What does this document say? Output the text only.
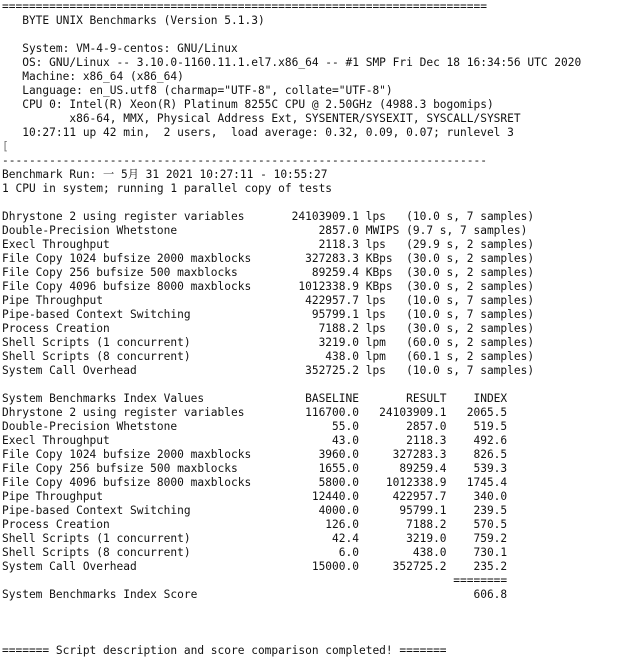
========================================================================
BYTE UNIX Benchmarks (Version 5.1.3)
System: VM-4-9-centos: GNU/Linux
OS: GNU/Linux -- 3.10.0-1160.11.1.el7.x86_64 -- #1 SMP Fri Dec 18 16:34:56 UTC 2020
Machine: x86_64 (x86_64)
Language: en_US.utf8 (charmap="UTF-8", collate="UTF-8")
CPU 0: Intel(R) Xeon(R) Platinum 8255C CPU @ 2.50GHz (4988.3 bogomips)
x86-64, MMX, Physical Address Ext, SYSENTER/SYSEXIT, SYSCALL/SYSRET
10:27:11 up 42 min,  2 users,  load average: 0.32, 0.09, 0.07; runlevel 3
[
------------------------------------------------------------------------
Benchmark Run: 一 5月 31 2021 10:27:11 - 10:55:27
1 CPU in system; running 1 parallel copy of tests
Dhrystone 2 using register variables       24103909.1 lps   (10.0 s, 7 samples)
Double-Precision Whetstone                     2857.0 MWIPS (9.7 s, 7 samples)
Execl Throughput                               2118.3 lps   (29.9 s, 2 samples)
File Copy 1024 bufsize 2000 maxblocks        327283.3 KBps  (30.0 s, 2 samples)
File Copy 256 bufsize 500 maxblocks           89259.4 KBps  (30.0 s, 2 samples)
File Copy 4096 bufsize 8000 maxblocks       1012338.9 KBps  (30.0 s, 2 samples)
Pipe Throughput                              422957.7 lps   (10.0 s, 7 samples)
Pipe-based Context Switching                  95799.1 lps   (10.0 s, 7 samples)
Process Creation                               7188.2 lps   (30.0 s, 2 samples)
Shell Scripts (1 concurrent)                   3219.0 lpm   (60.0 s, 2 samples)
Shell Scripts (8 concurrent)                    438.0 lpm   (60.1 s, 2 samples)
System Call Overhead                         352725.2 lps   (10.0 s, 7 samples)
System Benchmarks Index Values               BASELINE       RESULT    INDEX
Dhrystone 2 using register variables         116700.0   24103909.1   2065.5
Double-Precision Whetstone                       55.0       2857.0    519.5
Execl Throughput                                 43.0       2118.3    492.6
File Copy 1024 bufsize 2000 maxblocks          3960.0     327283.3    826.5
File Copy 256 bufsize 500 maxblocks            1655.0      89259.4    539.3
File Copy 4096 bufsize 8000 maxblocks          5800.0    1012338.9   1745.4
Pipe Throughput                               12440.0     422957.7    340.0
Pipe-based Context Switching                   4000.0      95799.1    239.5
Process Creation                                126.0       7188.2    570.5
Shell Scripts (1 concurrent)                     42.4       3219.0    759.2
Shell Scripts (8 concurrent)                      6.0        438.0    730.1
System Call Overhead                          15000.0     352725.2    235.2
========
System Benchmarks Index Score                                         606.8
======= Script description and score comparison completed! =======
